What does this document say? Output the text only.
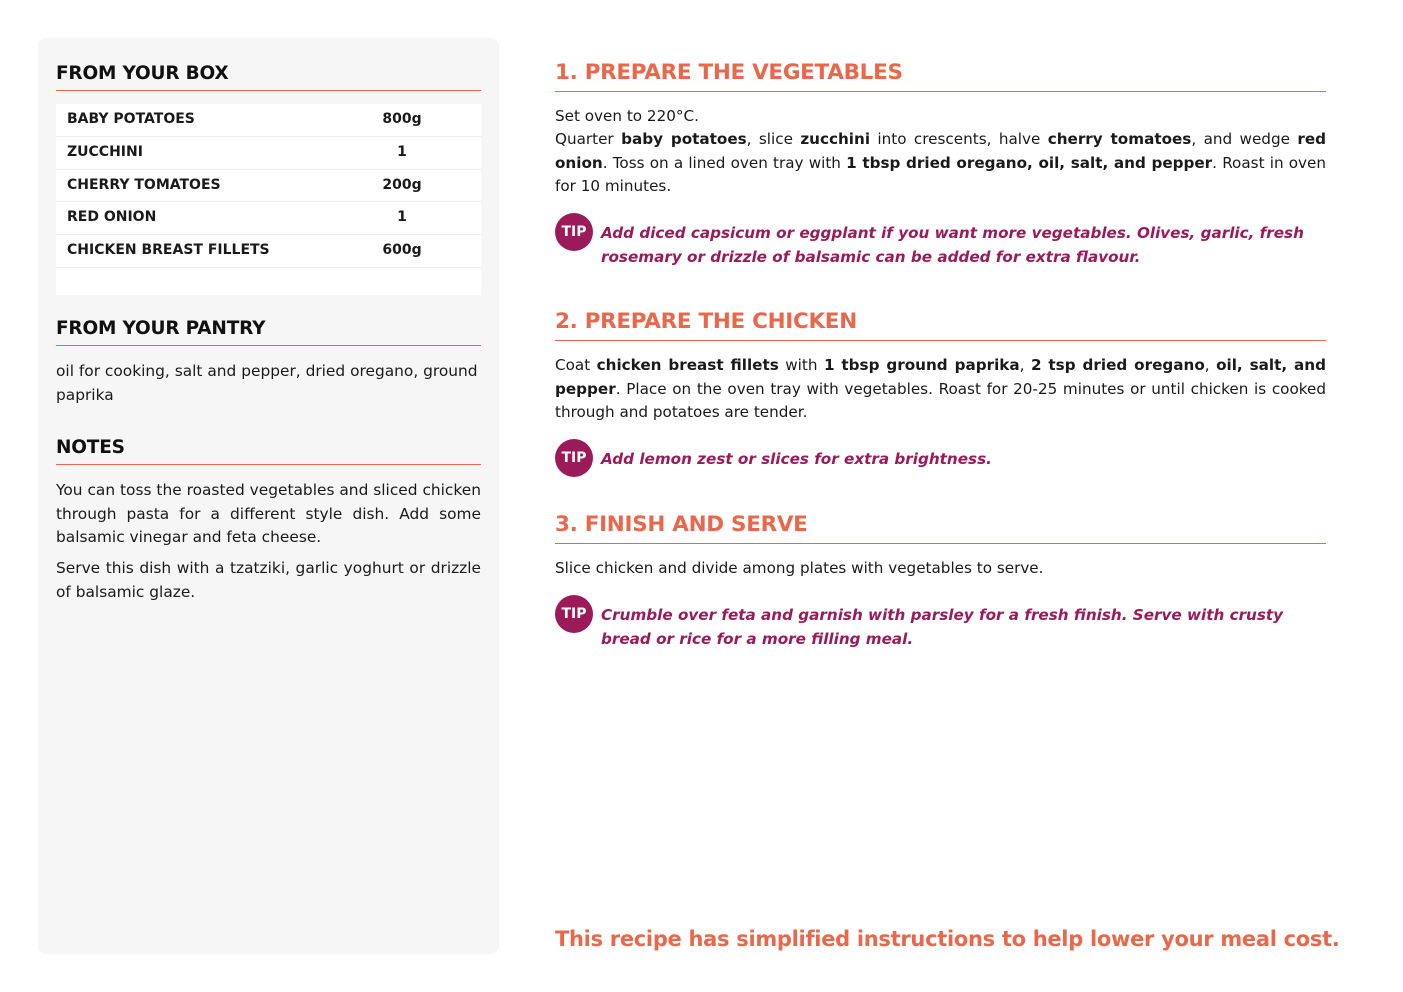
FROM YOUR BOX
BABY POTATOES	800g
ZUCCHINI	1
CHERRY TOMATOES	200g
RED ONION	1
CHICKEN BREAST FILLETS	600g
FROM YOUR PANTRY

oil for cooking, salt and pepper, dried oregano, ground paprika

NOTES

You can toss the roasted vegetables and sliced chicken through pasta for a different style dish. Add some balsamic vinegar and feta cheese.

Serve this dish with a tzatziki, garlic yoghurt or drizzle of balsamic glaze.

1. PREPARE THE VEGETABLES

Set oven to 220°C.

Quarter baby potatoes, slice zucchini into crescents, halve cherry tomatoes, and wedge red onion. Toss on a lined oven tray with 1 tbsp dried oregano, oil, salt, and pepper. Roast in oven for 10 minutes.

TIP Add diced capsicum or eggplant if you want more vegetables. Olives, garlic, fresh rosemary or drizzle of balsamic can be added for extra flavour.

2. PREPARE THE CHICKEN

Coat chicken breast fillets with 1 tbsp ground paprika, 2 tsp dried oregano, oil, salt, and pepper. Place on the oven tray with vegetables. Roast for 20-25 minutes or until chicken is cooked through and potatoes are tender.

TIP Add lemon zest or slices for extra brightness.

3. FINISH AND SERVE

Slice chicken and divide among plates with vegetables to serve.

TIP Crumble over feta and garnish with parsley for a fresh finish. Serve with crusty bread or rice for a more filling meal.

This recipe has simplified instructions to help lower your meal cost.
